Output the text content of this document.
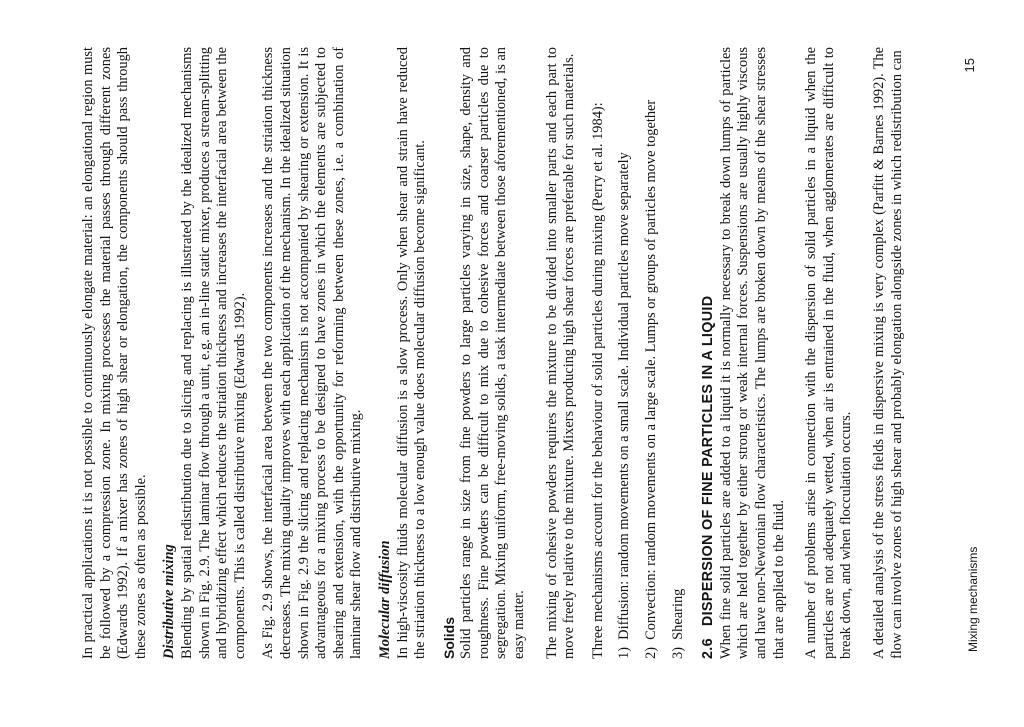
In practical applications it is not possible to continuously elongate material: an elongational region must be followed by a compression zone. In mixing processes the material passes through different zones (Edwards 1992). If a mixer has zones of high shear or elongation, the components should pass through these zones as often as possible. Distributive mixing Blending by spatial redistribution due to slicing and replacing is illustrated by the idealized mechanisms shown in Fig. 2.9. The laminar flow through a unit, e.g. an in-line static mixer, produces a stream-splitting and hybridizing effect which reduces the striation thickness and increases the interfacial area between the components. This is called distributive mixing (Edwards 1992). As Fig. 2.9 shows, the interfacial area between the two components increases and the striation thickness decreases. The mixing quality improves with each application of the mechanism. In the idealized situation shown in Fig. 2.9 the slicing and replacing mechanism is not accompanied by shearing or extension. It is advantageous for a mixing process to be designed to have zones in which the elements are subjected to shearing and extension, with the opportunity for reforming between these zones, i.e. a combination of laminar shear flow and distributive mixing. Molecular diffusion In high-viscosity fluids molecular diffusion is a slow process. Only when shear and strain have reduced the striation thickness to a low enough value does molecular diffusion become significant. Solids Solid particles range in size from fine powders to large particles varying in size, shape, density and roughness. Fine powders can be difficult to mix due to cohesive forces and coarser particles due to segregation. Mixing uniform, free-moving solids, a task intermediate between those aforementioned, is an easy matter. The mixing of cohesive powders requires the mixture to be divided into smaller parts and each part to move freely relative to the mixture. Mixers producing high shear forces are preferable for such materials. Three mechanisms account for the behaviour of solid particles during mixing (Perry et al. 1984): 1) Diffusion: random movements on a small scale. Individual particles move separately 2) Convection: random movements on a large scale. Lumps or groups of particles move together 3) Shearing 2.6DISPERSION OF FINE PARTICLES IN A LIQUID When fine solid particles are added to a liquid it is normally necessary to break down lumps of particles which are held together by either strong or weak internal forces. Suspensions are usually highly viscous and have non-Newtonian flow characteristics. The lumps are broken down by means of the shear stresses that are applied to the fluid. A number of problems arise in connection with the dispersion of solid particles in a liquid when the particles are not adequately wetted, when air is entrained in the fluid, when agglomerates are difficult to break down, and when flocculation occurs. A detailed analysis of the stress fields in dispersive mixing is very complex (Parfitt & Barnes 1992). The flow can involve zones of high shear and probably elongation alongside zones in which redistribution can	Mixing mechanisms
15
